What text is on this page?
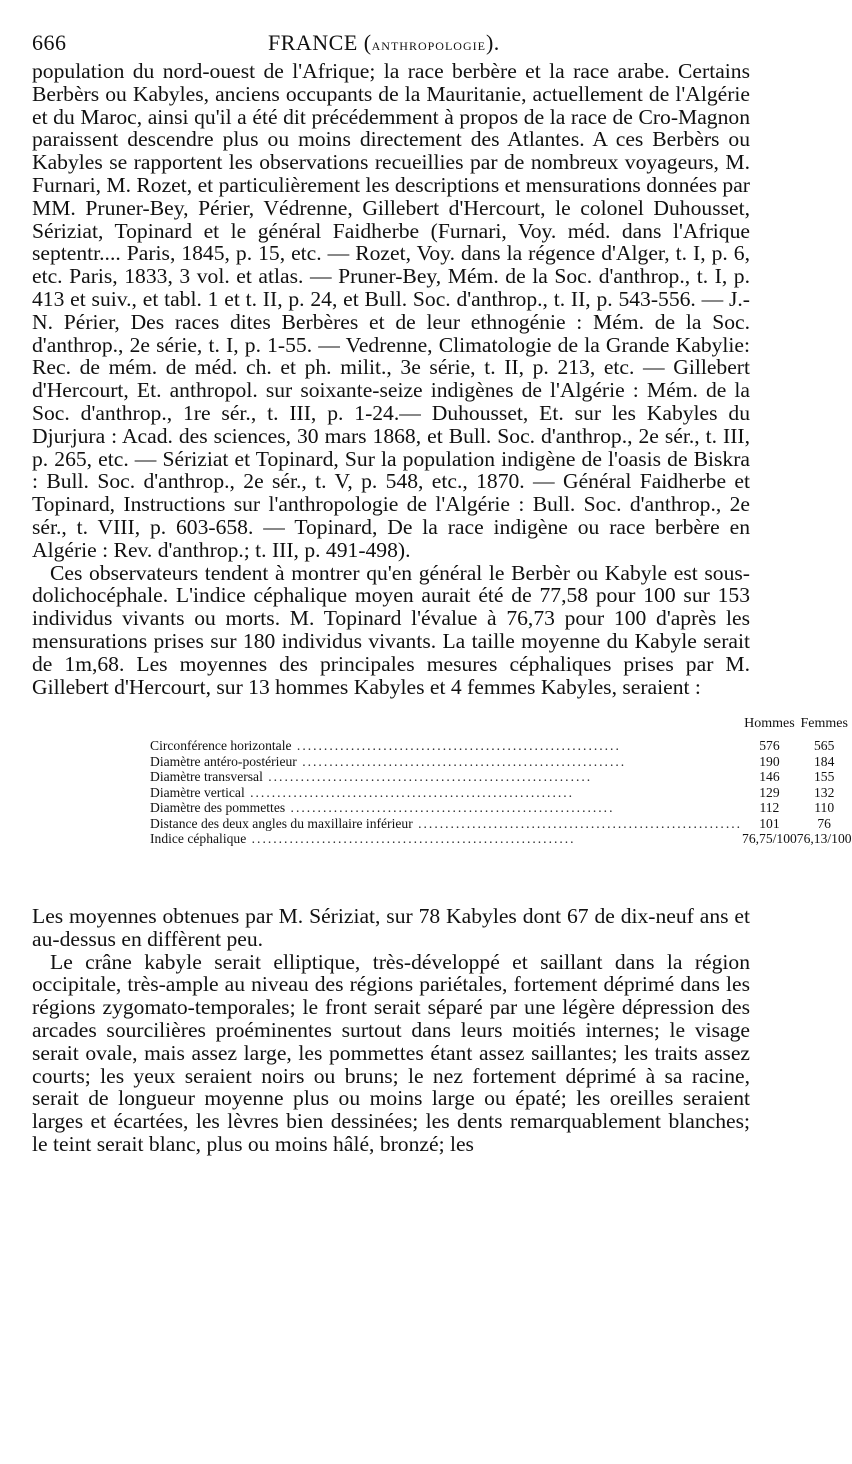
666	FRANCE (anthropologie).

population du nord-ouest de l'Afrique; la race berbère et la race arabe. Certains Berbèrs ou Kabyles, anciens occupants de la Mauritanie, actuellement de l'Algérie et du Maroc, ainsi qu'il a été dit précédemment à propos de la race de Cro-Magnon paraissent descendre plus ou moins directement des Atlantes. A ces Berbèrs ou Kabyles se rapportent les observations recueillies par de nombreux voyageurs, M. Furnari, M. Rozet, et particulièrement les descriptions et mensurations données par MM. Pruner-Bey, Périer, Védrenne, Gillebert d'Hercourt, le colonel Duhousset, Sériziat, Topinard et le général Faidherbe (Furnari, Voy. méd. dans l'Afrique septentr.... Paris, 1845, p. 15, etc. — Rozet, Voy. dans la régence d'Alger, t. I, p. 6, etc. Paris, 1833, 3 vol. et atlas. — Pruner-Bey, Mém. de la Soc. d'anthrop., t. I, p. 413 et suiv., et tabl. 1 et t. II, p. 24, et Bull. Soc. d'anthrop., t. II, p. 543-556. — J.-N. Périer, Des races dites Berbères et de leur ethnogénie : Mém. de la Soc. d'anthrop., 2e série, t. I, p. 1-55. — Vedrenne, Climatologie de la Grande Kabylie: Rec. de mém. de méd. ch. et ph. milit., 3e série, t. II, p. 213, etc. — Gillebert d'Hercourt, Et. anthropol. sur soixante-seize indigènes de l'Algérie : Mém. de la Soc. d'anthrop., 1re sér., t. III, p. 1-24.— Duhousset, Et. sur les Kabyles du Djurjura : Acad. des sciences, 30 mars 1868, et Bull. Soc. d'anthrop., 2e sér., t. III, p. 265, etc. — Sériziat et Topinard, Sur la population indigène de l'oasis de Biskra : Bull. Soc. d'anthrop., 2e sér., t. V, p. 548, etc., 1870. — Général Faidherbe et Topinard, Instructions sur l'anthropologie de l'Algérie : Bull. Soc. d'anthrop., 2e sér., t. VIII, p. 603-658. — Topinard, De la race indigène ou race berbère en Algérie : Rev. d'anthrop.; t. III, p. 491-498).

Ces observateurs tendent à montrer qu'en général le Berbèr ou Kabyle est sous-dolichocéphale. L'indice céphalique moyen aurait été de 77,58 pour 100 sur 153 individus vivants ou morts. M. Topinard l'évalue à 76,73 pour 100 d'après les mensurations prises sur 180 individus vivants. La taille moyenne du Kabyle serait de 1m,68. Les moyennes des principales mesures céphaliques prises par M. Gillebert d'Hercourt, sur 13 hommes Kabyles et 4 femmes Kabyles, seraient :

	Hommes	Femmes
Circonférence horizontale ............................................................	576	565
Diamètre antéro-postérieur ............................................................	190	184
Diamètre transversal ............................................................	146	155
Diamètre vertical ............................................................	129	132
Diamètre des pommettes ............................................................	112	110
Distance des deux angles du maxillaire inférieur ............................................................	101	76
Indice céphalique ............................................................	76,75/100	76,13/100

Les moyennes obtenues par M. Sériziat, sur 78 Kabyles dont 67 de dix-neuf ans et au-dessus en diffèrent peu.

Le crâne kabyle serait elliptique, très-développé et saillant dans la région occipitale, très-ample au niveau des régions pariétales, fortement déprimé dans les régions zygomato-temporales; le front serait séparé par une légère dépression des arcades sourcilières proéminentes surtout dans leurs moitiés internes; le visage serait ovale, mais assez large, les pommettes étant assez saillantes; les traits assez courts; les yeux seraient noirs ou bruns; le nez fortement déprimé à sa racine, serait de longueur moyenne plus ou moins large ou épaté; les oreilles seraient larges et écartées, les lèvres bien dessinées; les dents remarquablement blanches; le teint serait blanc, plus ou moins hâlé, bronzé; les
